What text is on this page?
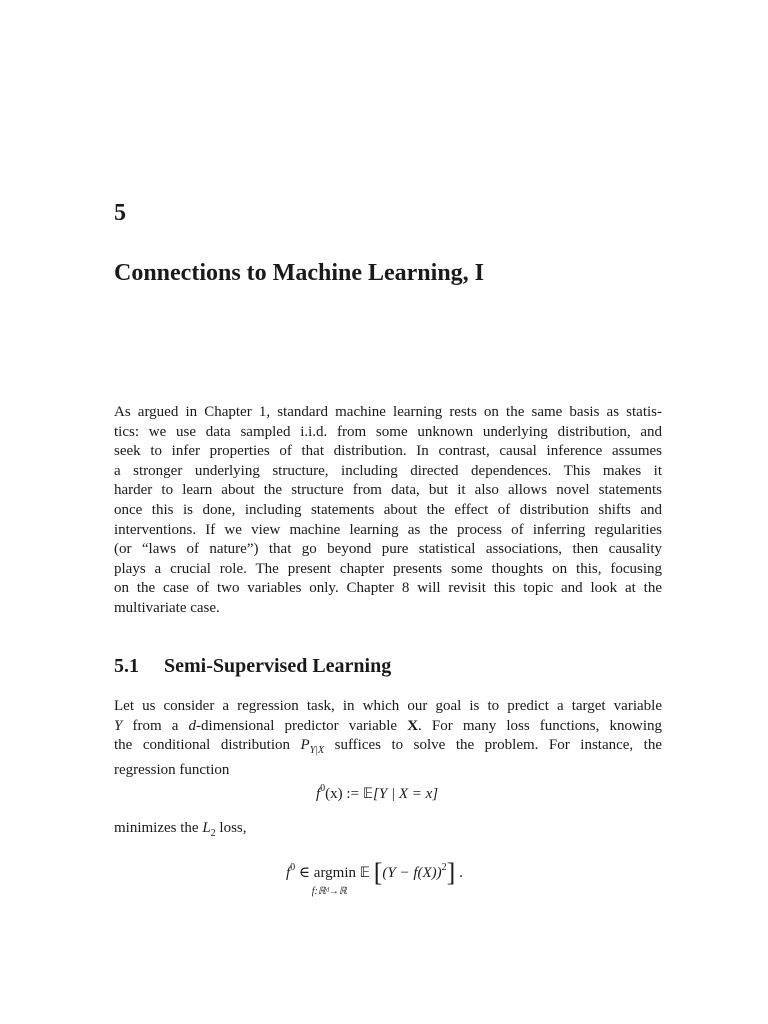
5
Connections to Machine Learning, I

As argued in Chapter 1, standard machine learning rests on the same basis as statis-
tics: we use data sampled i.i.d. from some unknown underlying distribution, and
seek to infer properties of that distribution. In contrast, causal inference assumes
a stronger underlying structure, including directed dependences. This makes it
harder to learn about the structure from data, but it also allows novel statements
once this is done, including statements about the effect of distribution shifts and
interventions. If we view machine learning as the process of inferring regularities
(or “laws of nature”) that go beyond pure statistical associations, then causality
plays a crucial role. The present chapter presents some thoughts on this, focusing
on the case of two variables only. Chapter 8 will revisit this topic and look at the
multivariate case.

5.1 Semi-Supervised Learning

Let us consider a regression task, in which our goal is to predict a target variable
Y from a d-dimensional predictor variable X. For many loss functions, knowing
the conditional distribution $P_{Y|X}$ suffices to solve the problem. For instance, the
regression function

$f^0(x)$ := 𝔼[Y | X = x]
minimizes the $L_2$ loss,
$f^0$ ∈ argmin
f:ℝᵈ→ℝ
𝔼 $[(Y - f(X))^2]$ .
